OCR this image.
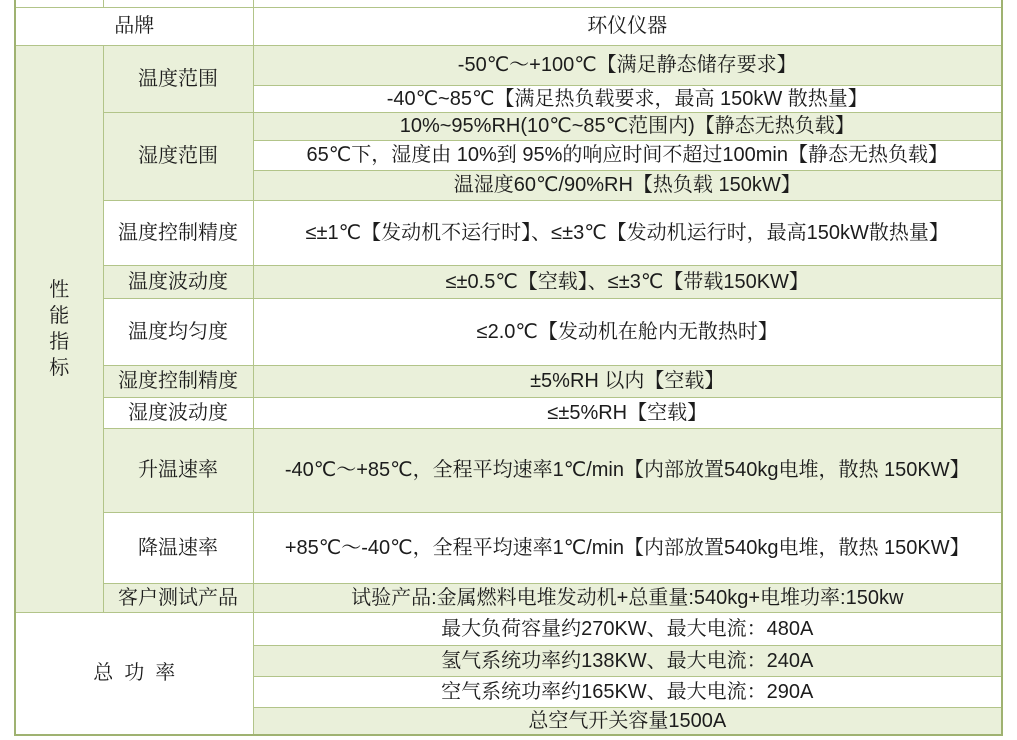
品牌		环仪仪器

性能指标	温度范围	-50℃～+100℃【满足静态储存要求】
		-40℃~85℃【满足热负载要求，最高 150kW 散热量】
	湿度范围	10%~95%RH(10℃~85℃范围内)【静态无热负载】
		65℃下，湿度由 10%到 95%的响应时间不超过100min【静态无热负载】
		温湿度60℃/90%RH【热负载 150kW】
	温度控制精度	≤±1℃【发动机不运行时】、≤±3℃【发动机运行时，最高150kW散热量】
	温度波动度	≤±0.5℃【空载】、≤±3℃【带载150KW】
	温度均匀度	≤2.0℃【发动机在舱内无散热时】
	湿度控制精度	±5%RH 以内【空载】
	湿度波动度	≤±5%RH【空载】
	升温速率	-40℃～+85℃，全程平均速率1℃/min【内部放置540kg电堆，散热 150KW】
	降温速率	+85℃～-40℃，全程平均速率1℃/min【内部放置540kg电堆，散热 150KW】
	客户测试产品	试验产品:金属燃料电堆发动机+总重量:540kg+电堆功率:150kw
总功率		最大负荷容量约270KW、最大电流：480A
		氢气系统功率约138KW、最大电流：240A
		空气系统功率约165KW、最大电流：290A
		总空气开关容量1500A
